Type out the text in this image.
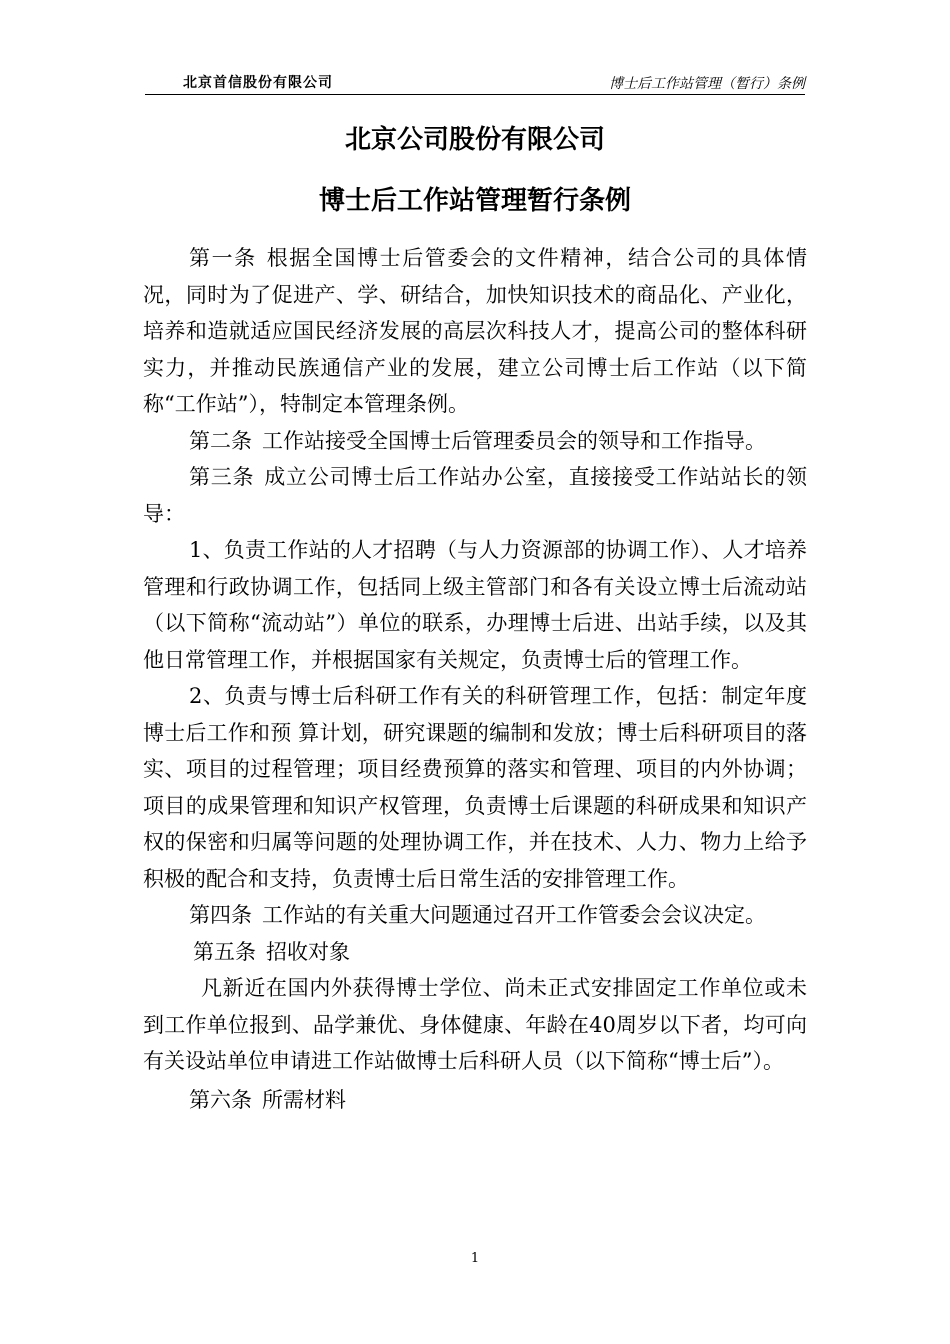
北京首信股份有限公司	博士后工作站管理（暂行）条例
北京公司股份有限公司
博士后工作站管理暂行条例

第一条 根据全国博士后管委会的文件精神，结合公司的具体情况，同时为了促进产、学、研结合，加快知识技术的商品化、产业化，培养和造就适应国民经济发展的高层次科技人才，提高公司的整体科研实力，并推动民族通信产业的发展，建立公司博士后工作站（以下简称“工作站”），特制定本管理条例。

第二条 工作站接受全国博士后管理委员会的领导和工作指导。

第三条 成立公司博士后工作站办公室，直接接受工作站站长的领导：

1、负责工作站的人才招聘（与人力资源部的协调工作）、人才培养管理和行政协调工作，包括同上级主管部门和各有关设立博士后流动站（以下简称“流动站”）单位的联系，办理博士后进、出站手续，以及其他日常管理工作，并根据国家有关规定，负责博士后的管理工作。

2、负责与博士后科研工作有关的科研管理工作，包括：制定年度博士后工作和预 算计划，研究课题的编制和发放；博士后科研项目的落实、项目的过程管理；项目经费预算的落实和管理、项目的内外协调；项目的成果管理和知识产权管理，负责博士后课题的科研成果和知识产权的保密和归属等问题的处理协调工作，并在技术、人力、物力上给予积极的配合和支持，负责博士后日常生活的安排管理工作。

第四条 工作站的有关重大问题通过召开工作管委会会议决定。

第五条 招收对象

凡新近在国内外获得博士学位、尚未正式安排固定工作单位或未到工作单位报到、品学兼优、身体健康、年龄在40周岁以下者，均可向有关设站单位申请进工作站做博士后科研人员（以下简称“博士后”）。

第六条 所需材料

1
